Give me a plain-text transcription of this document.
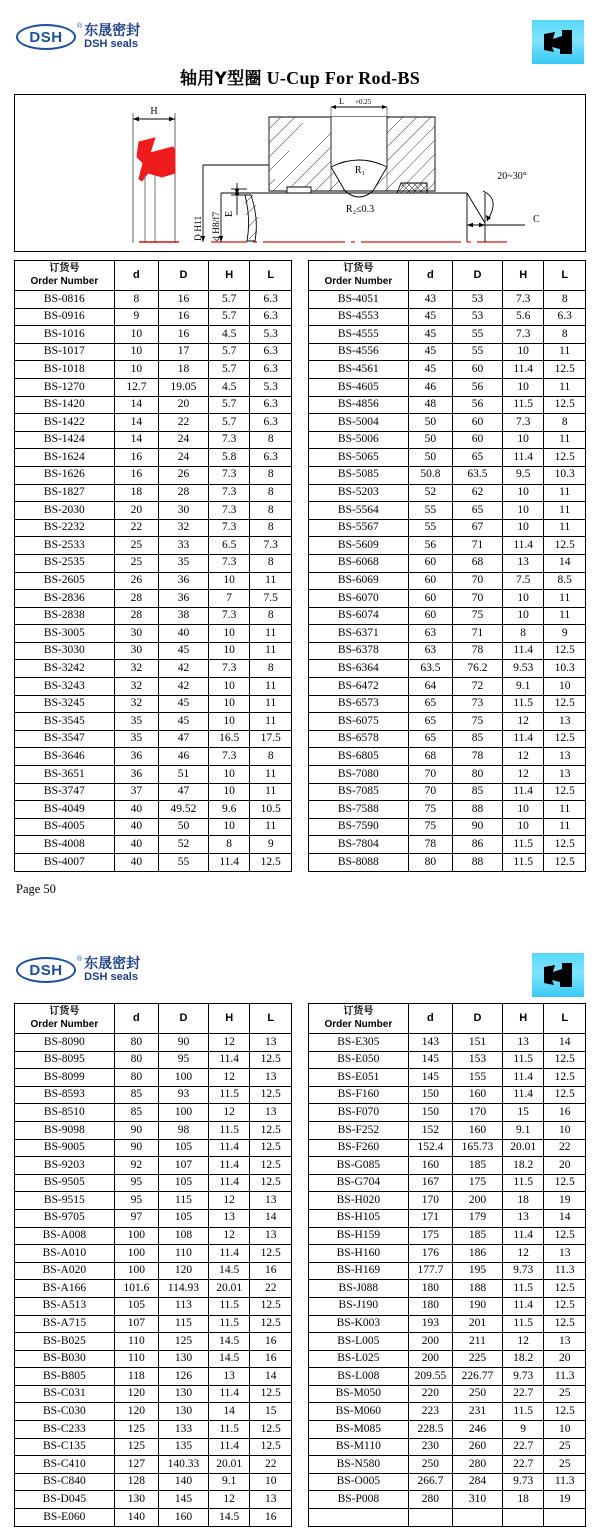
DSH
® 东晟密封
DSH seals
轴用Y型圈 U-Cup For Rod-BS
H
R₁
R₂≤0.3
L +0.25
20~30°
C
E
D H11 d H8/f7
订货号
Order Number	d	D	H	L
BS-0816	8	16	5.7	6.3
BS-0916	9	16	5.7	6.3
BS-1016	10	16	4.5	5.3
BS-1017	10	17	5.7	6.3
BS-1018	10	18	5.7	6.3
BS-1270	12.7	19.05	4.5	5.3
BS-1420	14	20	5.7	6.3
BS-1422	14	22	5.7	6.3
BS-1424	14	24	7.3	8
BS-1624	16	24	5.8	6.3
BS-1626	16	26	7.3	8
BS-1827	18	28	7.3	8
BS-2030	20	30	7.3	8
BS-2232	22	32	7.3	8
BS-2533	25	33	6.5	7.3
BS-2535	25	35	7.3	8
BS-2605	26	36	10	11
BS-2836	28	36	7	7.5
BS-2838	28	38	7.3	8
BS-3005	30	40	10	11
BS-3030	30	45	10	11
BS-3242	32	42	7.3	8
BS-3243	32	42	10	11
BS-3245	32	45	10	11
BS-3545	35	45	10	11
BS-3547	35	47	16.5	17.5
BS-3646	36	46	7.3	8
BS-3651	36	51	10	11
BS-3747	37	47	10	11
BS-4049	40	49.52	9.6	10.5
BS-4005	40	50	10	11
BS-4008	40	52	8	9
BS-4007	40	55	11.4	12.5
订货号
Order Number	d	D	H	L
BS-4051	43	53	7.3	8
BS-4553	45	53	5.6	6.3
BS-4555	45	55	7.3	8
BS-4556	45	55	10	11
BS-4561	45	60	11.4	12.5
BS-4605	46	56	10	11
BS-4856	48	56	11.5	12.5
BS-5004	50	60	7.3	8
BS-5006	50	60	10	11
BS-5065	50	65	11.4	12.5
BS-5085	50.8	63.5	9.5	10.3
BS-5203	52	62	10	11
BS-5564	55	65	10	11
BS-5567	55	67	10	11
BS-5609	56	71	11.4	12.5
BS-6068	60	68	13	14
BS-6069	60	70	7.5	8.5
BS-6070	60	70	10	11
BS-6074	60	75	10	11
BS-6371	63	71	8	9
BS-6378	63	78	11.4	12.5
BS-6364	63.5	76.2	9.53	10.3
BS-6472	64	72	9.1	10
BS-6573	65	73	11.5	12.5
BS-6075	65	75	12	13
BS-6578	65	85	11.4	12.5
BS-6805	68	78	12	13
BS-7080	70	80	12	13
BS-7085	70	85	11.4	12.5
BS-7588	75	88	10	11
BS-7590	75	90	10	11
BS-7804	78	86	11.5	12.5
BS-8088	80	88	11.5	12.5
Page 50
DSH
® 东晟密封
DSH seals
订货号
Order Number	d	D	H	L
BS-8090	80	90	12	13
BS-8095	80	95	11.4	12.5
BS-8099	80	100	12	13
BS-8593	85	93	11.5	12.5
BS-8510	85	100	12	13
BS-9098	90	98	11.5	12.5
BS-9005	90	105	11.4	12.5
BS-9203	92	107	11.4	12.5
BS-9505	95	105	11.4	12.5
BS-9515	95	115	12	13
BS-9705	97	105	13	14
BS-A008	100	108	12	13
BS-A010	100	110	11.4	12.5
BS-A020	100	120	14.5	16
BS-A166	101.6	114.93	20.01	22
BS-A513	105	113	11.5	12.5
BS-A715	107	115	11.5	12.5
BS-B025	110	125	14.5	16
BS-B030	110	130	14.5	16
BS-B805	118	126	13	14
BS-C031	120	130	11.4	12.5
BS-C030	120	130	14	15
BS-C233	125	133	11.5	12.5
BS-C135	125	135	11.4	12.5
BS-C410	127	140.33	20.01	22
BS-C840	128	140	9.1	10
BS-D045	130	145	12	13
BS-E060	140	160	14.5	16
订货号
Order Number	d	D	H	L
BS-E305	143	151	13	14
BS-E050	145	153	11.5	12.5
BS-E051	145	155	11.4	12.5
BS-F160	150	160	11.4	12.5
BS-F070	150	170	15	16
BS-F252	152	160	9.1	10
BS-F260	152.4	165.73	20.01	22
BS-G085	160	185	18.2	20
BS-G704	167	175	11.5	12.5
BS-H020	170	200	18	19
BS-H105	171	179	13	14
BS-H159	175	185	11.4	12.5
BS-H160	176	186	12	13
BS-H169	177.7	195	9.73	11.3
BS-J088	180	188	11.5	12.5
BS-J190	180	190	11.4	12.5
BS-K003	193	201	11.5	12.5
BS-L005	200	211	12	13
BS-L025	200	225	18.2	20
BS-L008	209.55	226.77	9.73	11.3
BS-M050	220	250	22.7	25
BS-M060	223	231	11.5	12.5
BS-M085	228.5	246	9	10
BS-M110	230	260	22.7	25
BS-N580	250	280	22.7	25
BS-O005	266.7	284	9.73	11.3
BS-P008	280	310	18	19
